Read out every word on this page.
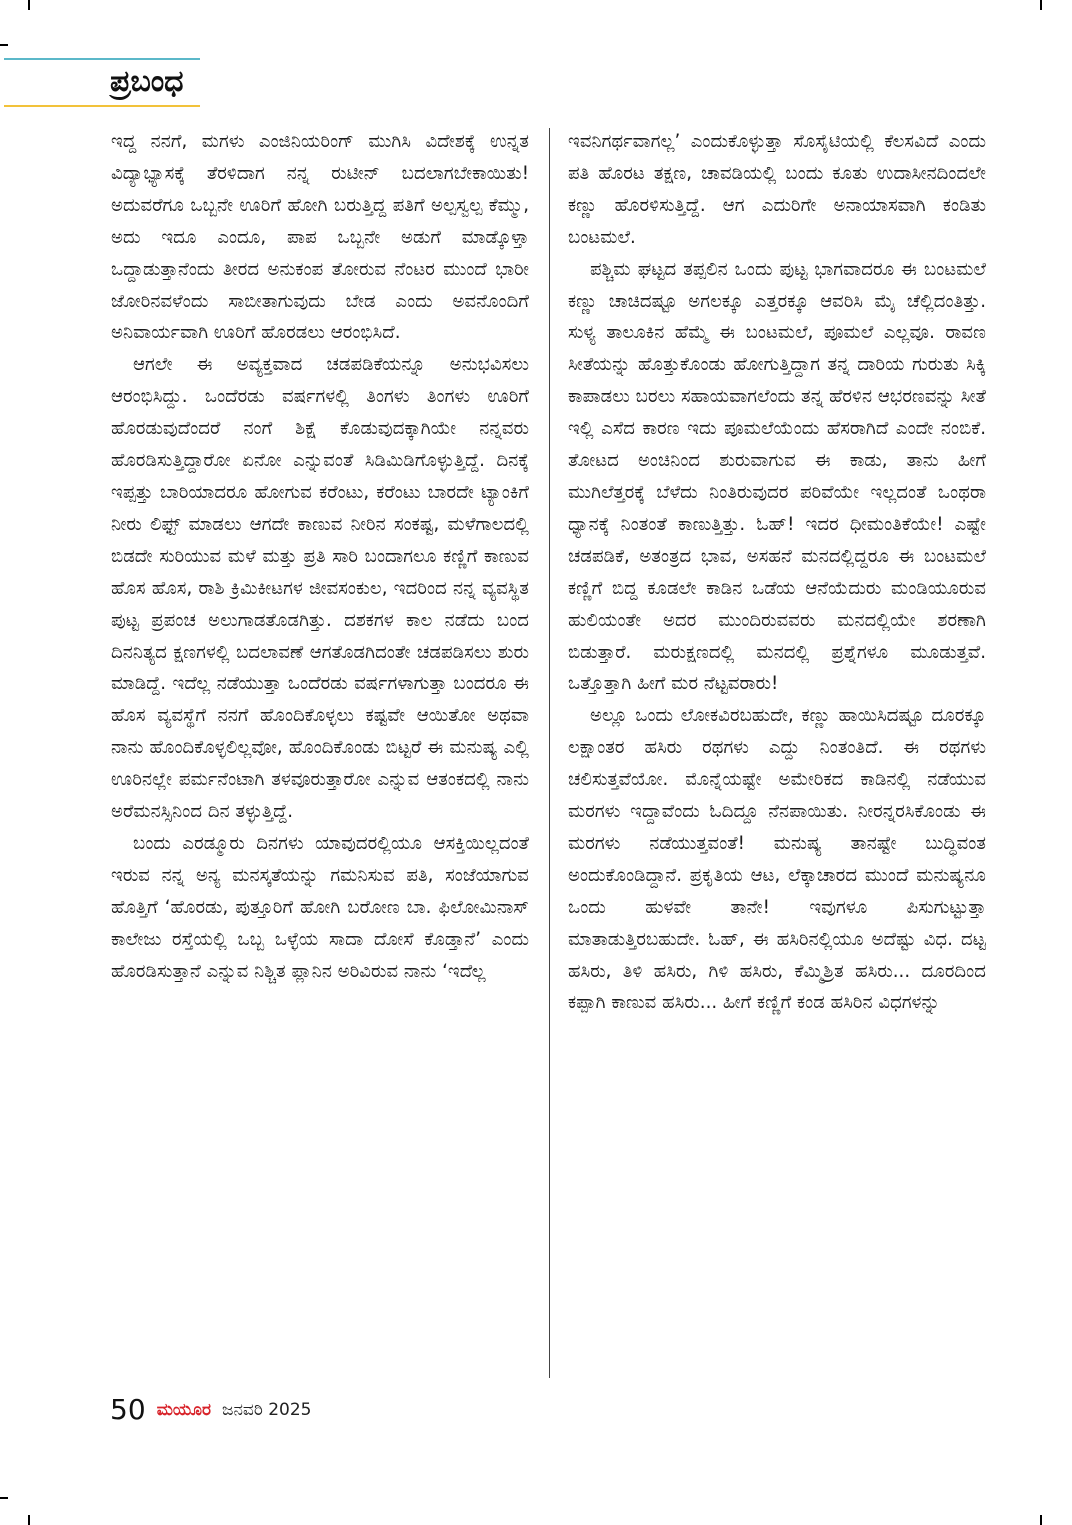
ಪ್ರಬಂಧ

ಇದ್ದ ನನಗೆ, ಮಗಳು ಎಂಜಿನಿಯರಿಂಗ್ ಮುಗಿಸಿ ವಿದೇಶಕ್ಕೆ ಉನ್ನತ ವಿದ್ಯಾಭ್ಯಾಸಕ್ಕೆ ತೆರಳಿದಾಗ ನನ್ನ ರುಟೀನ್ ಬದಲಾಗಬೇಕಾಯಿತು! ಅದುವರೆಗೂ ಒಬ್ಬನೇ ಊರಿಗೆ ಹೋಗಿ ಬರುತ್ತಿದ್ದ ಪತಿಗೆ ಅಲ್ಪಸ್ವಲ್ಪ ಕೆಮ್ಮು, ಅದು ಇದೂ ಎಂದೂ, ಪಾಪ ಒಬ್ಬನೇ ಅಡುಗೆ ಮಾಡ್ಕೊಳ್ತಾ ಒದ್ದಾಡುತ್ತಾನೆಂದು ತೀರದ ಅನುಕಂಪ ತೋರುವ ನೆಂಟರ ಮುಂದೆ ಭಾರೀ ಜೋರಿನವಳೆಂದು ಸಾಬೀತಾಗುವುದು ಬೇಡ ಎಂದು ಅವನೊಂದಿಗೆ ಅನಿವಾರ್ಯವಾಗಿ ಊರಿಗೆ ಹೊರಡಲು ಆರಂಭಿಸಿದೆ.

ಆಗಲೇ ಈ ಅವ್ಯಕ್ತವಾದ ಚಡಪಡಿಕೆಯನ್ನೂ ಅನುಭವಿಸಲು ಆರಂಭಿಸಿದ್ದು. ಒಂದೆರಡು ವರ್ಷಗಳಲ್ಲಿ ತಿಂಗಳು ತಿಂಗಳು ಊರಿಗೆ ಹೊರಡುವುದೆಂದರೆ ನಂಗೆ ಶಿಕ್ಷೆ ಕೊಡುವುದಕ್ಕಾಗಿಯೇ ನನ್ನವರು ಹೊರಡಿಸುತ್ತಿದ್ದಾರೋ ಏನೋ ಎನ್ನುವಂತೆ ಸಿಡಿಮಿಡಿಗೊಳ್ಳುತ್ತಿದ್ದೆ. ದಿನಕ್ಕೆ ಇಪ್ಪತ್ತು ಬಾರಿಯಾದರೂ ಹೋಗುವ ಕರೆಂಟು, ಕರೆಂಟು ಬಾರದೇ ಟ್ಯಾಂಕಿಗೆ ನೀರು ಲಿಫ್ಟ್ ಮಾಡಲು ಆಗದೇ ಕಾಣುವ ನೀರಿನ ಸಂಕಷ್ಟ, ಮಳೆಗಾಲದಲ್ಲಿ ಬಿಡದೇ ಸುರಿಯುವ ಮಳೆ ಮತ್ತು ಪ್ರತಿ ಸಾರಿ ಬಂದಾಗಲೂ ಕಣ್ಣಿಗೆ ಕಾಣುವ ಹೊಸ ಹೊಸ, ರಾಶಿ ಕ್ರಿಮಿಕೀಟಗಳ ಜೀವಸಂಕುಲ, ಇದರಿಂದ ನನ್ನ ವ್ಯವಸ್ಥಿತ ಪುಟ್ಟ ಪ್ರಪಂಚ ಅಲುಗಾಡತೊಡಗಿತ್ತು. ದಶಕಗಳ ಕಾಲ ನಡೆದು ಬಂದ ದಿನನಿತ್ಯದ ಕ್ಷಣಗಳಲ್ಲಿ ಬದಲಾವಣೆ ಆಗತೊಡಗಿದಂತೇ ಚಡಪಡಿಸಲು ಶುರು ಮಾಡಿದ್ದೆ. ಇದೆಲ್ಲ ನಡೆಯುತ್ತಾ ಒಂದೆರಡು ವರ್ಷಗಳಾಗುತ್ತಾ ಬಂದರೂ ಈ ಹೊಸ ವ್ಯವಸ್ಥೆಗೆ ನನಗೆ ಹೊಂದಿಕೊಳ್ಳಲು ಕಷ್ಟವೇ ಆಯಿತೋ ಅಥವಾ ನಾನು ಹೊಂದಿಕೊಳ್ಳಲಿಲ್ಲವೋ, ಹೊಂದಿಕೊಂಡು ಬಿಟ್ಟರೆ ಈ ಮನುಷ್ಯ ಎಲ್ಲಿ ಊರಿನಲ್ಲೇ ಪರ್ಮನೆಂಟಾಗಿ ತಳವೂರುತ್ತಾರೋ ಎನ್ನುವ ಆತಂಕದಲ್ಲಿ ನಾನು ಅರೆಮನಸ್ಸಿನಿಂದ ದಿನ ತಳ್ಳುತ್ತಿದ್ದೆ.

ಬಂದು ಎರಡ್ಮೂರು ದಿನಗಳು ಯಾವುದರಲ್ಲಿಯೂ ಆಸಕ್ತಿಯಿಲ್ಲದಂತೆ ಇರುವ ನನ್ನ ಅನ್ಯ ಮನಸ್ಕತೆಯನ್ನು ಗಮನಿಸುವ ಪತಿ, ಸಂಜೆಯಾಗುವ ಹೊತ್ತಿಗೆ ‘ಹೊರಡು, ಪುತ್ತೂರಿಗೆ ಹೋಗಿ ಬರೋಣ ಬಾ. ಫಿಲೋಮಿನಾಸ್ ಕಾಲೇಜು ರಸ್ತೆಯಲ್ಲಿ ಒಬ್ಬ ಒಳ್ಳೆಯ ಸಾದಾ ದೋಸೆ ಕೊಡ್ತಾನೆ’ ಎಂದು ಹೊರಡಿಸುತ್ತಾನೆ ಎನ್ನುವ ನಿಶ್ಚಿತ ಪ್ಲಾನಿನ ಅರಿವಿರುವ ನಾನು ‘ಇದೆಲ್ಲ

ಇವನಿಗರ್ಥವಾಗಲ್ಲ’ ಎಂದುಕೊಳ್ಳುತ್ತಾ ಸೊಸೈಟಿಯಲ್ಲಿ ಕೆಲಸವಿದೆ ಎಂದು ಪತಿ ಹೊರಟ ತಕ್ಷಣ, ಚಾವಡಿಯಲ್ಲಿ ಬಂದು ಕೂತು ಉದಾಸೀನದಿಂದಲೇ ಕಣ್ಣು ಹೊರಳಿಸುತ್ತಿದ್ದೆ. ಆಗ ಎದುರಿಗೇ ಅನಾಯಾಸವಾಗಿ ಕಂಡಿತು ಬಂಟಮಲೆ.

ಪಶ್ಚಿಮ ಘಟ್ಟದ ತಪ್ಪಲಿನ ಒಂದು ಪುಟ್ಟ ಭಾಗವಾದರೂ ಈ ಬಂಟಮಲೆ ಕಣ್ಣು ಚಾಚಿದಷ್ಟೂ ಅಗಲಕ್ಕೂ ಎತ್ತರಕ್ಕೂ ಆವರಿಸಿ ಮೈ ಚೆಲ್ಲಿದಂತಿತ್ತು. ಸುಳ್ಯ ತಾಲೂಕಿನ ಹೆಮ್ಮೆ ಈ ಬಂಟಮಲೆ, ಪೂಮಲೆ ಎಲ್ಲವೂ. ರಾವಣ ಸೀತೆಯನ್ನು ಹೊತ್ತುಕೊಂಡು ಹೋಗುತ್ತಿದ್ದಾಗ ತನ್ನ ದಾರಿಯ ಗುರುತು ಸಿಕ್ಕಿ ಕಾಪಾಡಲು ಬರಲು ಸಹಾಯವಾಗಲೆಂದು ತನ್ನ ಹೆರಳಿನ ಆಭರಣವನ್ನು ಸೀತೆ ಇಲ್ಲಿ ಎಸೆದ ಕಾರಣ ಇದು ಪೂಮಲೆಯೆಂದು ಹೆಸರಾಗಿದೆ ಎಂದೇ ನಂಬಿಕೆ. ತೋಟದ ಅಂಚಿನಿಂದ ಶುರುವಾಗುವ ಈ ಕಾಡು, ತಾನು ಹೀಗೆ ಮುಗಿಲೆತ್ತರಕ್ಕೆ ಬೆಳೆದು ನಿಂತಿರುವುದರ ಪರಿವೆಯೇ ಇಲ್ಲದಂತೆ ಒಂಥರಾ ಧ್ಯಾನಕ್ಕೆ ನಿಂತಂತೆ ಕಾಣುತ್ತಿತ್ತು. ಓಹ್! ಇದರ ಧೀಮಂತಿಕೆಯೇ! ಎಷ್ಟೇ ಚಡಪಡಿಕೆ, ಅತಂತ್ರದ ಭಾವ, ಅಸಹನೆ ಮನದಲ್ಲಿದ್ದರೂ ಈ ಬಂಟಮಲೆ ಕಣ್ಣಿಗೆ ಬಿದ್ದ ಕೂಡಲೇ ಕಾಡಿನ ಒಡೆಯ ಆನೆಯೆದುರು ಮಂಡಿಯೂರುವ ಹುಲಿಯಂತೇ ಅದರ ಮುಂದಿರುವವರು ಮನದಲ್ಲಿಯೇ ಶರಣಾಗಿ ಬಿಡುತ್ತಾರೆ. ಮರುಕ್ಷಣದಲ್ಲಿ ಮನದಲ್ಲಿ ಪ್ರಶ್ನೆಗಳೂ ಮೂಡುತ್ತವೆ. ಒತ್ತೊತ್ತಾಗಿ ಹೀಗೆ ಮರ ನೆಟ್ಟವರಾರು!

ಅಲ್ಲೂ ಒಂದು ಲೋಕವಿರಬಹುದೇ, ಕಣ್ಣು ಹಾಯಿಸಿದಷ್ಟೂ ದೂರಕ್ಕೂ ಲಕ್ಷಾಂತರ ಹಸಿರು ರಥಗಳು ಎದ್ದು ನಿಂತಂತಿದೆ. ಈ ರಥಗಳು ಚಲಿಸುತ್ತವೆಯೋ. ಮೊನ್ನೆಯಷ್ಟೇ ಅಮೇರಿಕದ ಕಾಡಿನಲ್ಲಿ ನಡೆಯುವ ಮರಗಳು ಇದ್ದಾವೆಂದು ಓದಿದ್ದೂ ನೆನಪಾಯಿತು. ನೀರನ್ನರಸಿಕೊಂಡು ಈ ಮರಗಳು ನಡೆಯುತ್ತವಂತೆ! ಮನುಷ್ಯ ತಾನಷ್ಟೇ ಬುದ್ಧಿವಂತ ಅಂದುಕೊಂಡಿದ್ದಾನೆ. ಪ್ರಕೃತಿಯ ಆಟ, ಲೆಕ್ಕಾಚಾರದ ಮುಂದೆ ಮನುಷ್ಯನೂ ಒಂದು ಹುಳವೇ ತಾನೇ! ಇವುಗಳೂ ಪಿಸುಗುಟ್ಟುತ್ತಾ ಮಾತಾಡುತ್ತಿರಬಹುದೇ. ಓಹ್, ಈ ಹಸಿರಿನಲ್ಲಿಯೂ ಅದೆಷ್ಟು ವಿಧ. ದಟ್ಟ ಹಸಿರು, ತಿಳಿ ಹಸಿರು, ಗಿಳಿ ಹಸಿರು, ಕೆಮ್ಮಿಶ್ರಿತ ಹಸಿರು... ದೂರದಿಂದ ಕಪ್ಪಾಗಿ ಕಾಣುವ ಹಸಿರು... ಹೀಗೆ ಕಣ್ಣಿಗೆ ಕಂಡ ಹಸಿರಿನ ವಿಧಗಳನ್ನು

50 ಮಯೂರ ಜನವರಿ 2025
